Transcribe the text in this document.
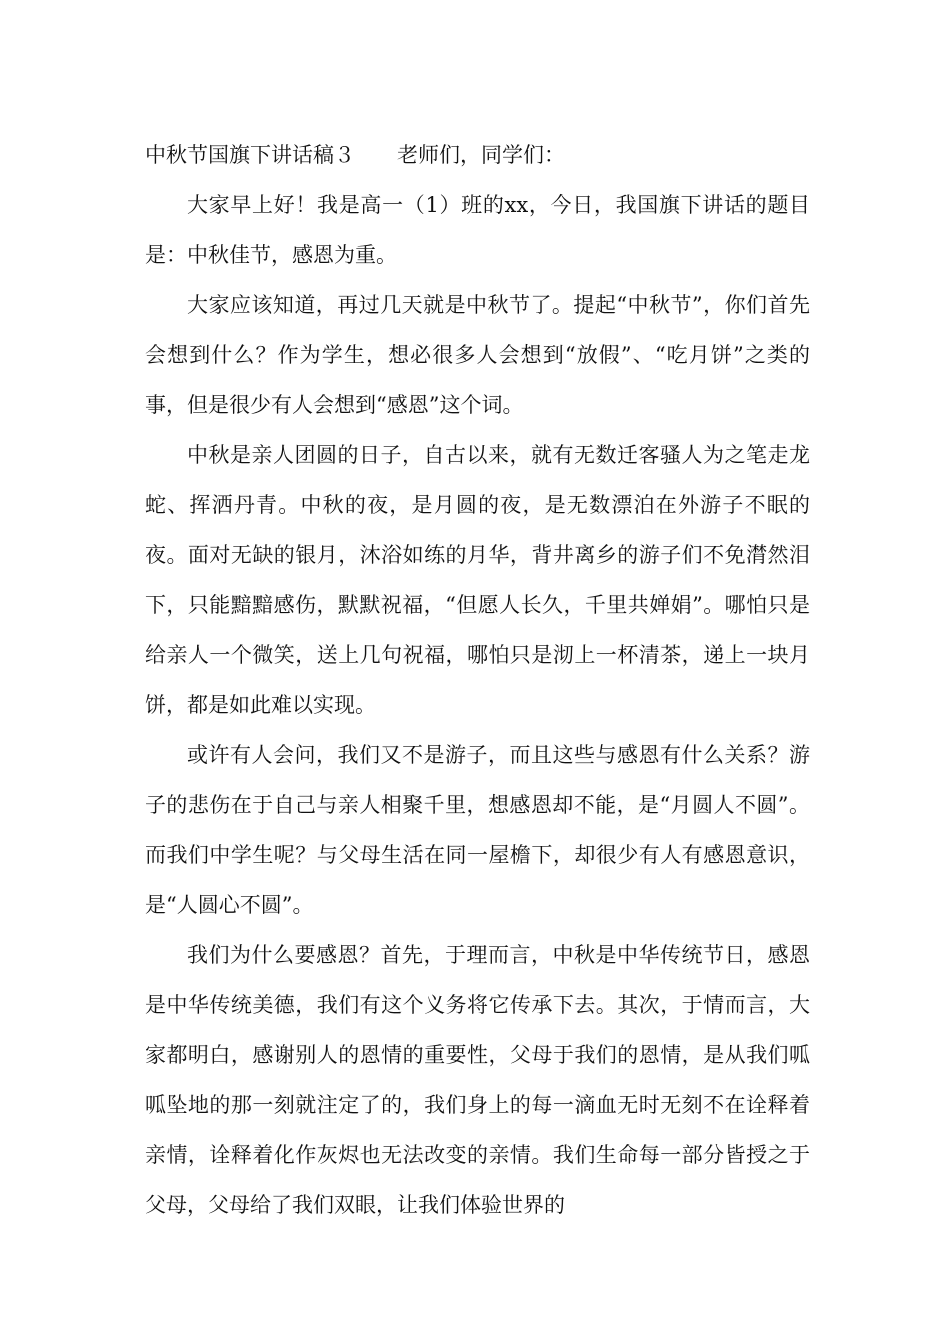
中秋节国旗下讲话稿３ 老师们，同学们：

大家早上好！我是高一（1）班的xx，今日，我国旗下讲话的题目是：中秋佳节，感恩为重。

大家应该知道，再过几天就是中秋节了。提起“中秋节”，你们首先会想到什么？作为学生，想必很多人会想到“放假”、“吃月饼”之类的事，但是很少有人会想到“感恩”这个词。

中秋是亲人团圆的日子，自古以来，就有无数迁客骚人为之笔走龙蛇、挥洒丹青。中秋的夜，是月圆的夜，是无数漂泊在外游子不眠的夜。面对无缺的银月，沐浴如练的月华，背井离乡的游子们不免潸然泪下，只能黯黯感伤，默默祝福，“但愿人长久，千里共婵娟”。哪怕只是给亲人一个微笑，送上几句祝福，哪怕只是沏上一杯清茶，递上一块月饼，都是如此难以实现。

或许有人会问，我们又不是游子，而且这些与感恩有什么关系？游子的悲伤在于自己与亲人相聚千里，想感恩却不能，是“月圆人不圆”。而我们中学生呢？与父母生活在同一屋檐下，却很少有人有感恩意识，是“人圆心不圆”。

我们为什么要感恩？首先，于理而言，中秋是中华传统节日，感恩是中华传统美德，我们有这个义务将它传承下去。其次，于情而言，大家都明白，感谢别人的恩情的重要性，父母于我们的恩情，是从我们呱呱坠地的那一刻就注定了的，我们身上的每一滴血无时无刻不在诠释着亲情，诠释着化作灰烬也无法改变的亲情。我们生命每一部分皆授之于父母，父母给了我们双眼，让我们体验世界的
